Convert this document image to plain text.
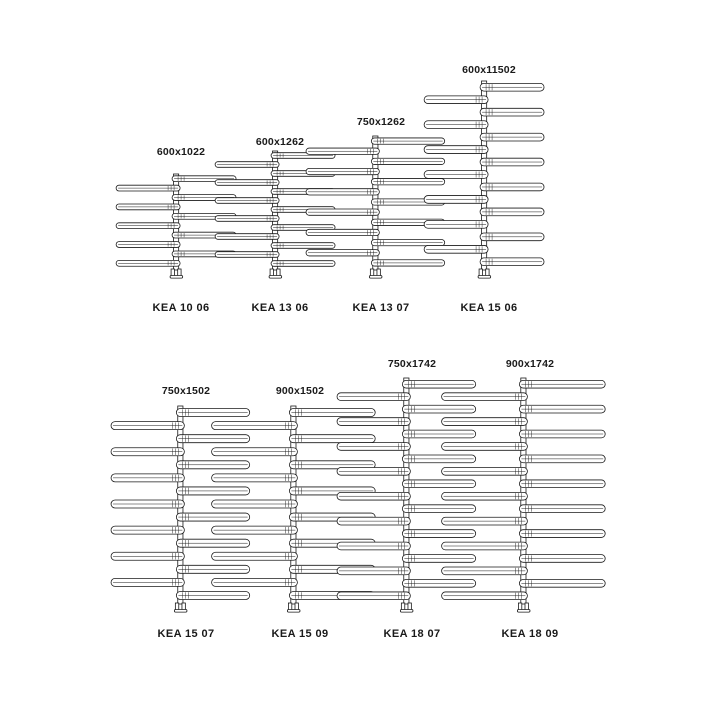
600x1022
KEA 10 06
600x1262
KEA 13 06
750x1262
KEA 13 07
600x11502
KEA 15 06
750x1502
KEA 15 07
900x1502
KEA 15 09
750x1742
KEA 18 07
900x1742
KEA 18 09
